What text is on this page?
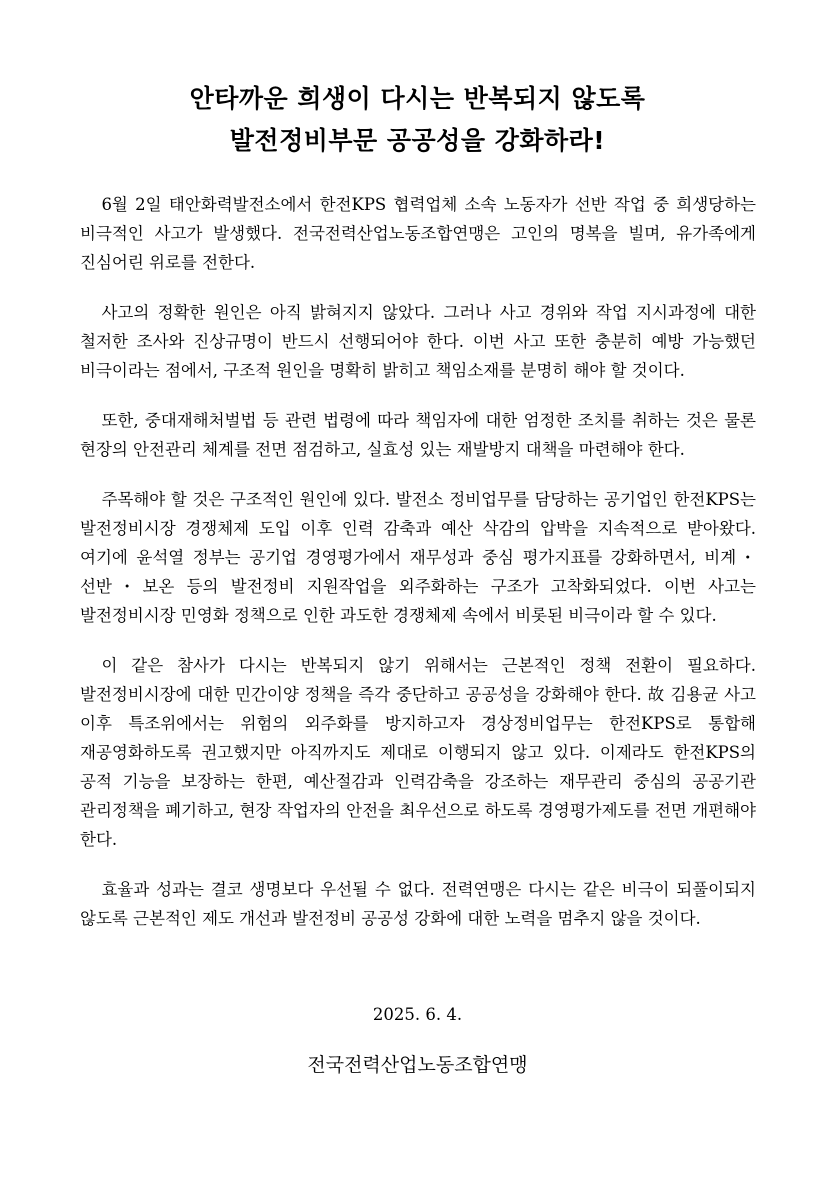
안타까운 희생이 다시는 반복되지 않도록
발전정비부문 공공성을 강화하라!

6월 2일 태안화력발전소에서 한전KPS 협력업체 소속 노동자가 선반 작업 중 희생당하는 비극적인 사고가 발생했다. 전국전력산업노동조합연맹은 고인의 명복을 빌며, 유가족에게 진심어린 위로를 전한다.

사고의 정확한 원인은 아직 밝혀지지 않았다. 그러나 사고 경위와 작업 지시과정에 대한 철저한 조사와 진상규명이 반드시 선행되어야 한다. 이번 사고 또한 충분히 예방 가능했던 비극이라는 점에서, 구조적 원인을 명확히 밝히고 책임소재를 분명히 해야 할 것이다.

또한, 중대재해처벌법 등 관련 법령에 따라 책임자에 대한 엄정한 조치를 취하는 것은 물론 현장의 안전관리 체계를 전면 점검하고, 실효성 있는 재발방지 대책을 마련해야 한다.

주목해야 할 것은 구조적인 원인에 있다. 발전소 정비업무를 담당하는 공기업인 한전KPS는 발전정비시장 경쟁체제 도입 이후 인력 감축과 예산 삭감의 압박을 지속적으로 받아왔다. 여기에 윤석열 정부는 공기업 경영평가에서 재무성과 중심 평가지표를 강화하면서, 비계・선반・보온 등의 발전정비 지원작업을 외주화하는 구조가 고착화되었다. 이번 사고는 발전정비시장 민영화 정책으로 인한 과도한 경쟁체제 속에서 비롯된 비극이라 할 수 있다.

이 같은 참사가 다시는 반복되지 않기 위해서는 근본적인 정책 전환이 필요하다. 발전정비시장에 대한 민간이양 정책을 즉각 중단하고 공공성을 강화해야 한다. 故 김용균 사고 이후 특조위에서는 위험의 외주화를 방지하고자 경상정비업무는 한전KPS로 통합해 재공영화하도록 권고했지만 아직까지도 제대로 이행되지 않고 있다. 이제라도 한전KPS의 공적 기능을 보장하는 한편, 예산절감과 인력감축을 강조하는 재무관리 중심의 공공기관 관리정책을 폐기하고, 현장 작업자의 안전을 최우선으로 하도록 경영평가제도를 전면 개편해야 한다.

효율과 성과는 결코 생명보다 우선될 수 없다. 전력연맹은 다시는 같은 비극이 되풀이되지 않도록 근본적인 제도 개선과 발전정비 공공성 강화에 대한 노력을 멈추지 않을 것이다.

2025. 6. 4.

전국전력산업노동조합연맹
